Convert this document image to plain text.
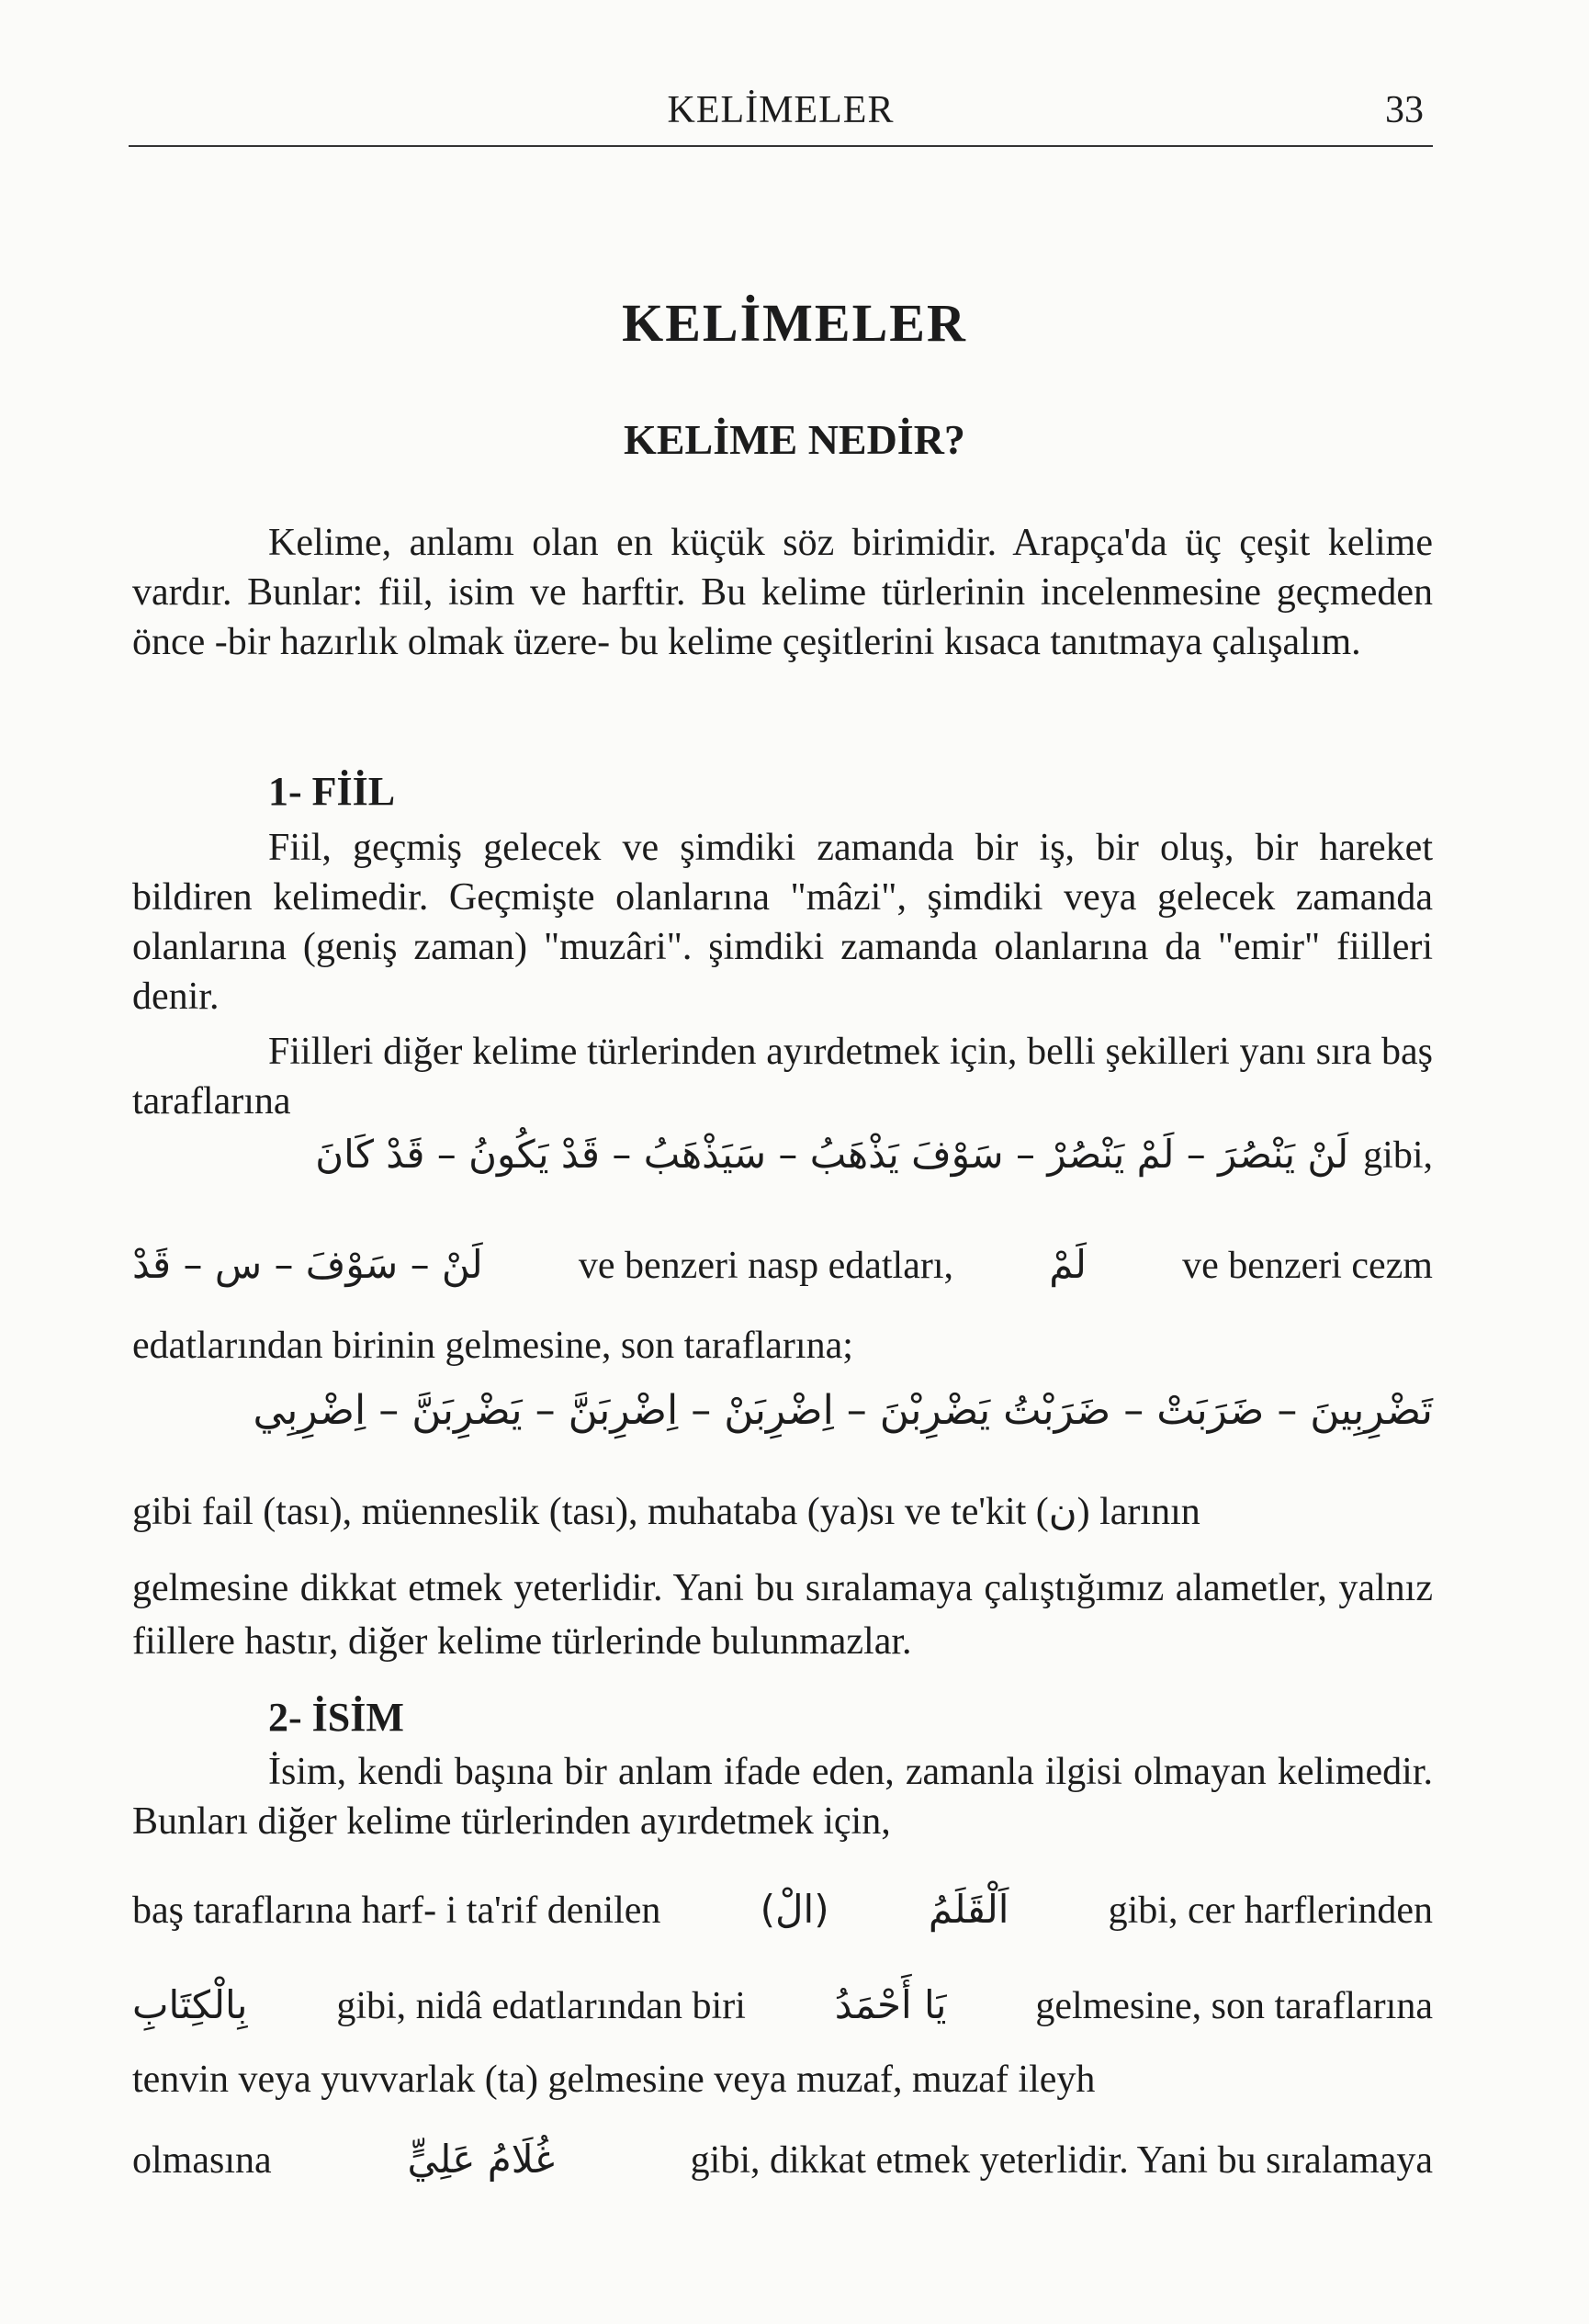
KELİMELER	33
KELİMELER
KELİME NEDİR?
Kelime, anlamı olan en küçük söz birimidir. Arapça'da üç çeşit kelime vardır. Bunlar: fiil, isim ve harftir. Bu kelime türlerinin incelenmesine geçmeden önce -bir hazırlık olmak üzere- bu kelime çeşitlerini kısaca tanıtmaya çalışalım.
1- FİİL
Fiil, geçmiş gelecek ve şimdiki zamanda bir iş, bir oluş, bir hareket bildiren kelimedir. Geçmişte olanlarına "mâzi", şimdiki veya gelecek zamanda olanlarına (geniş zaman) "muzâri". şimdiki zamanda olanlarına da "emir" fiilleri denir.
Fiilleri diğer kelime türlerinden ayırdetmek için, belli şekilleri yanı sıra baş taraflarına
لَنْ يَنْصُرَ – لَمْ يَنْصُرْ – سَوْفَ يَذْهَبُ – سَيَذْهَبُ – قَدْ يَكُونُ – قَدْ كَانَ gibi,
لَنْ – سَوْفَ – س – قَدْ ve benzeri nasp edatları, لَمْ ve benzeri cezm
edatlarından birinin gelmesine, son taraflarına;
تَضْرِبِينَ – ضَرَبَتْ – ضَرَبْتُ يَضْرِبْنَ – اِضْرِبَنْ – اِضْرِبَنَّ – يَضْرِبَنَّ – اِضْرِبِي
gibi fail (tası), müenneslik (tası), muhataba (ya)sı ve te'kit ( ن ) larının
gelmesine dikkat etmek yeterlidir. Yani bu sıralamaya çalıştığımız alametler, yalnız fiillere hastır, diğer kelime türlerinde bulunmazlar.
2- İSİM
İsim, kendi başına bir anlam ifade eden, zamanla ilgisi olmayan kelimedir. Bunları diğer kelime türlerinden ayırdetmek için,
baş taraflarına harf- i ta'rif denilen	(الْ)	اَلْقَلَمُ	gibi, cer harflerinden
بِالْكِتَابِ gibi, nidâ edatlarından biri يَا أَحْمَدُ gelmesine, son taraflarına
tenvin veya yuvvarlak (ta) gelmesine veya muzaf, muzaf ileyh
olmasına	غُلَامُ عَلِيٍّ	gibi, dikkat etmek yeterlidir. Yani bu sıralamaya
